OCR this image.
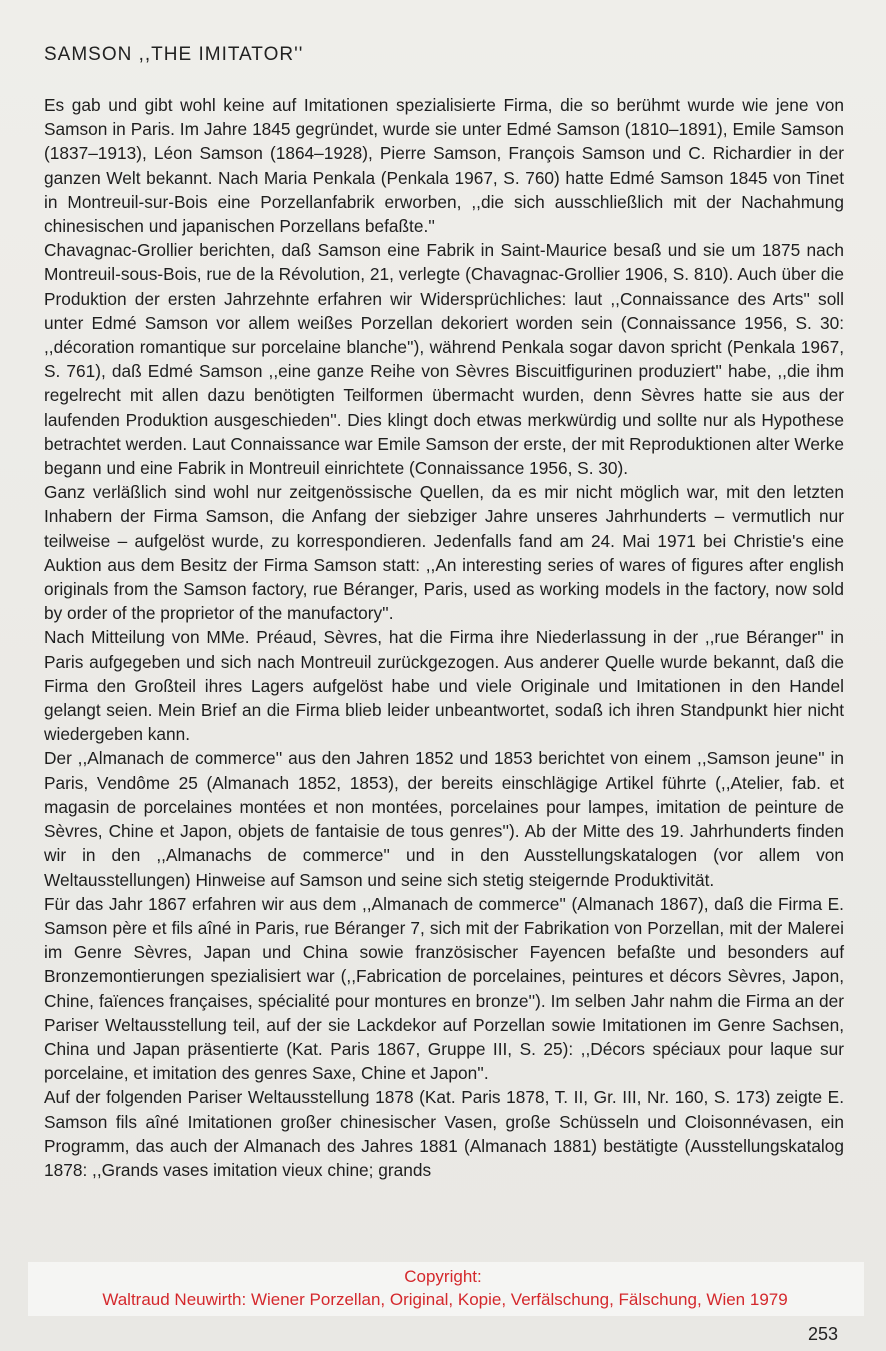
SAMSON ,,THE IMITATOR''

Es gab und gibt wohl keine auf Imitationen spezialisierte Firma, die so berühmt wurde wie jene von Samson in Paris. Im Jahre 1845 gegründet, wurde sie unter Edmé Samson (1810–1891), Emile Samson (1837–1913), Léon Samson (1864–1928), Pierre Samson, François Samson und C. Richardier in der ganzen Welt bekannt. Nach Maria Penkala (Penkala 1967, S. 760) hatte Edmé Samson 1845 von Tinet in Montreuil-sur-Bois eine Porzellanfabrik erworben, ,,die sich ausschließlich mit der Nachahmung chinesischen und japanischen Porzellans befaßte.''

Chavagnac-Grollier berichten, daß Samson eine Fabrik in Saint-Maurice besaß und sie um 1875 nach Montreuil-sous-Bois, rue de la Révolution, 21, verlegte (Chavagnac-Grollier 1906, S. 810). Auch über die Produktion der ersten Jahrzehnte erfahren wir Widersprüchliches: laut ,,Connaissance des Arts'' soll unter Edmé Samson vor allem weißes Porzellan dekoriert worden sein (Connaissance 1956, S. 30: ,,décoration romantique sur porcelaine blanche''), während Penkala sogar davon spricht (Penkala 1967, S. 761), daß Edmé Samson ,,eine ganze Reihe von Sèvres Biscuitfigurinen produziert'' habe, ,,die ihm regelrecht mit allen dazu benötigten Teilformen übermacht wurden, denn Sèvres hatte sie aus der laufenden Produktion ausgeschieden''. Dies klingt doch etwas merkwürdig und sollte nur als Hypothese betrachtet werden. Laut Connaissance war Emile Samson der erste, der mit Reproduktionen alter Werke begann und eine Fabrik in Montreuil einrichtete (Connaissance 1956, S. 30).

Ganz verläßlich sind wohl nur zeitgenössische Quellen, da es mir nicht möglich war, mit den letzten Inhabern der Firma Samson, die Anfang der siebziger Jahre unseres Jahrhunderts – vermutlich nur teilweise – aufgelöst wurde, zu korrespondieren. Jedenfalls fand am 24. Mai 1971 bei Christie's eine Auktion aus dem Besitz der Firma Samson statt: ,,An interesting series of wares of figures after english originals from the Samson factory, rue Béranger, Paris, used as working models in the factory, now sold by order of the proprietor of the manufactory''.

Nach Mitteilung von MMe. Préaud, Sèvres, hat die Firma ihre Niederlassung in der ,,rue Béranger'' in Paris aufgegeben und sich nach Montreuil zurückgezogen. Aus anderer Quelle wurde bekannt, daß die Firma den Großteil ihres Lagers aufgelöst habe und viele Originale und Imitationen in den Handel gelangt seien. Mein Brief an die Firma blieb leider unbeantwortet, sodaß ich ihren Standpunkt hier nicht wiedergeben kann.

Der ,,Almanach de commerce'' aus den Jahren 1852 und 1853 berichtet von einem ,,Samson jeune'' in Paris, Vendôme 25 (Almanach 1852, 1853), der bereits einschlägige Artikel führte (,,Atelier, fab. et magasin de porcelaines montées et non montées, porcelaines pour lampes, imitation de peinture de Sèvres, Chine et Japon, objets de fantaisie de tous genres''). Ab der Mitte des 19. Jahrhunderts finden wir in den ,,Almanachs de commerce'' und in den Ausstellungskatalogen (vor allem von Weltausstellungen) Hinweise auf Samson und seine sich stetig steigernde Produktivität.

Für das Jahr 1867 erfahren wir aus dem ,,Almanach de commerce'' (Almanach 1867), daß die Firma E. Samson père et fils aîné in Paris, rue Béranger 7, sich mit der Fabrikation von Porzellan, mit der Malerei im Genre Sèvres, Japan und China sowie französischer Fayencen befaßte und besonders auf Bronzemontierungen spezialisiert war (,,Fabrication de porcelaines, peintures et décors Sèvres, Japon, Chine, faïences françaises, spécialité pour montures en bronze''). Im selben Jahr nahm die Firma an der Pariser Weltausstellung teil, auf der sie Lackdekor auf Porzellan sowie Imitationen im Genre Sachsen, China und Japan präsentierte (Kat. Paris 1867, Gruppe III, S. 25): ,,Décors spéciaux pour laque sur porcelaine, et imitation des genres Saxe, Chine et Japon''.

Auf der folgenden Pariser Weltausstellung 1878 (Kat. Paris 1878, T. II, Gr. III, Nr. 160, S. 173) zeigte E. Samson fils aîné Imitationen großer chinesischer Vasen, große Schüsseln und Cloisonnévasen, ein Programm, das auch der Almanach des Jahres 1881 (Almanach 1881) bestätigte (Ausstellungskatalog 1878: ,,Grands vases imitation vieux chine; grands

Copyright:
Waltraud Neuwirth: Wiener Porzellan, Original, Kopie, Verfälschung, Fälschung, Wien 1979
253
